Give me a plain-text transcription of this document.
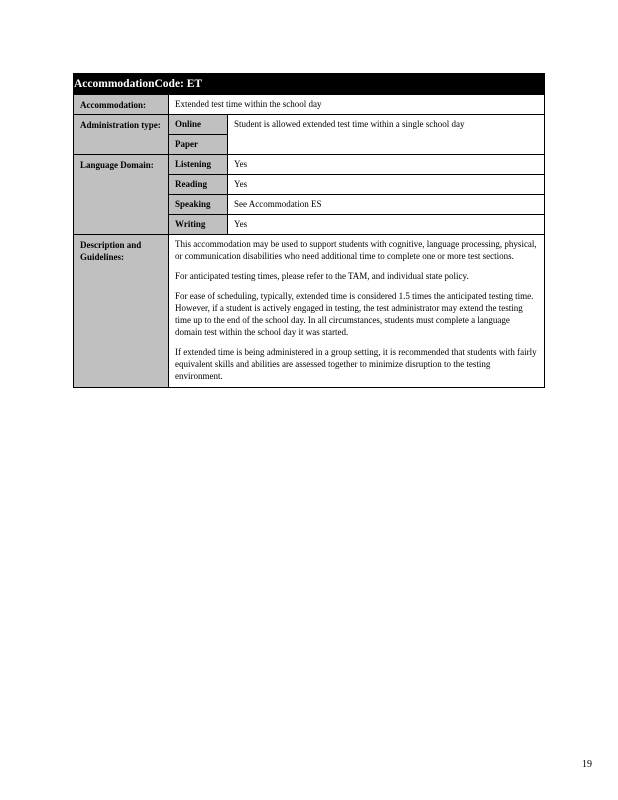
AccommodationCode: ET		
Accommodation:	Extended test time within the school day	
Administration type:	Online	Student is allowed extended test time within a single school day
	Paper	
Language Domain:	Listening	Yes
	Reading	Yes
	Speaking	See Accommodation ES
	Writing	Yes
Description and Guidelines:	This accommodation may be used to support students with cognitive, language processing, physical, or communication disabilities who need additional time to complete one or more test sections.

For anticipated testing times, please refer to the TAM, and individual state policy.

For ease of scheduling, typically, extended time is considered 1.5 times the anticipated testing time. However, if a student is actively engaged in testing, the test administrator may extend the testing time up to the end of the school day. In all circumstances, students must complete a language domain test within the school day it was started.

If extended time is being administered in a group setting, it is recommended that students with fairly equivalent skills and abilities are assessed together to minimize disruption to the testing environment.	

19
